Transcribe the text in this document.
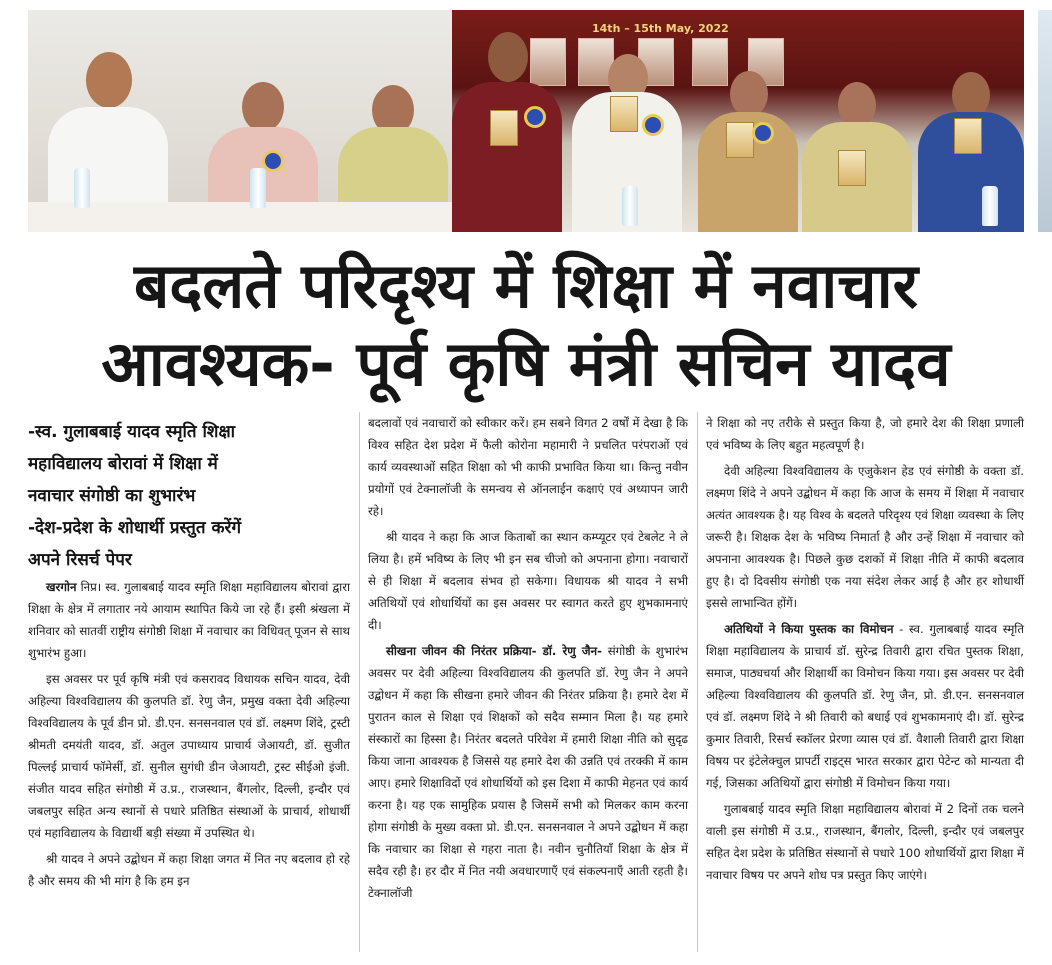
14th – 15th May, 2022
बदलते परिदृश्य में शिक्षा में नवाचार
आवश्यक- पूर्व कृषि मंत्री सचिन यादव
-स्व. गुलाबबाई यादव स्मृति शिक्षा
महाविद्यालय बोरावां में शिक्षा में
नवाचार संगोष्ठी का शुभारंभ
-देश-प्रदेश के शोधार्थी प्रस्तुत करेंगें
अपने रिसर्च पेपर

खरगोन निप्र। स्व. गुलाबबाई यादव स्मृति शिक्षा महाविद्यालय बोरावां द्वारा शिक्षा के क्षेत्र में लगातार नये आयाम स्थापित किये जा रहे हैं। इसी श्रंखला में शनिवार को सातवीं राष्ट्रीय संगोष्ठी शिक्षा में नवाचार का विधिवत् पूजन से साथ शुभारंभ हुआ।

इस अवसर पर पूर्व कृषि मंत्री एवं कसरावद विधायक सचिन यादव, देवी अहिल्या विश्वविद्यालय की कुलपति डॉ. रेणु जैन, प्रमुख वक्ता देवी अहिल्या विश्वविद्यालय के पूर्व डीन प्रो. डी.एन. सनसनवाल एवं डॉ. लक्ष्मण शिंदे, ट्रस्टी श्रीमती दमयंती यादव, डॉ. अतुल उपाध्याय प्राचार्य जेआयटी, डॉ. सुजीत पिल्लई प्राचार्य फॉमेर्सी, डॉ. सुनील सुगंधी डीन जेआयटी, ट्रस्ट सीईओ इंजी. संजीत यादव सहित संगोष्ठी में उ.प्र., राजस्थान, बैंगलोर, दिल्ली, इन्दौर एवं जबलपुर सहित अन्य स्थानों से पधारे प्रतिष्ठित संस्थाओं के प्राचार्य, शोधार्थी एवं महाविद्यालय के विद्यार्थी बड़ी संख्या में उपस्थित थे।

श्री यादव ने अपने उद्बोधन में कहा शिक्षा जगत में नित नए बदलाव हो रहे है और समय की भी मांग है कि हम इन

बदलावों एवं नवाचारों को स्वीकार करें। हम सबने विगत 2 वर्षों में देखा है कि विश्व सहित देश प्रदेश में फैली कोरोना महामारी ने प्रचलित परंपराओं एवं कार्य व्यवस्थाओं सहित शिक्षा को भी काफी प्रभावित किया था। किन्तु नवीन प्रयोगों एवं टेक्नालॉजी के समन्वय से ऑनलाईन कक्षाएं एवं अध्यापन जारी रहे।

श्री यादव ने कहा कि आज किताबों का स्थान कम्प्यूटर एवं टेबलेट ने ले लिया है। हमें भविष्य के लिए भी इन सब चीजो को अपनाना होगा। नवाचारों से ही शिक्षा में बदलाव संभव हो सकेगा। विधायक श्री यादव ने सभी अतिथियों एवं शोधार्थियों का इस अवसर पर स्वागत करते हुए शुभकामनाएं दी।

सीखना जीवन की निरंतर प्रक्रिया- डॉ. रेणु जैन- संगोष्ठी के शुभारंभ अवसर पर देवी अहिल्या विश्वविद्यालय की कुलपति डॉ. रेणु जैन ने अपने उद्बोधन में कहा कि सीखना हमारे जीवन की निरंतर प्रक्रिया है। हमारे देश में पुरातन काल से शिक्षा एवं शिक्षकों को सदैव सम्मान मिला है। यह हमारे संस्कारों का हिस्सा है। निरंतर बदलते परिवेश में हमारी शिक्षा नीति को सुदृढ किया जाना आवश्यक है जिससे यह हमारे देश की उन्नति एवं तरक्की में काम आए। हमारे शिक्षाविदों एवं शोधार्थियों को इस दिशा में काफी मेहनत एवं कार्य करना है। यह एक सामुहिक प्रयास है जिसमें सभी को मिलकर काम करना होगा संगोष्ठी के मुख्य वक्ता प्रो. डी.एन. सनसनवाल ने अपने उद्बोधन में कहा कि नवाचार का शिक्षा से गहरा नाता है। नवीन चुनौतियाँ शिक्षा के क्षेत्र में सदैव रही है। हर दौर में नित नयी अवधारणाएँ एवं संकल्पनाएँ आती रहती है। टेक्नालॉजी

ने शिक्षा को नए तरीके से प्रस्तुत किया है, जो हमारे देश की शिक्षा प्रणाली एवं भविष्य के लिए बहुत महत्वपूर्ण है।

देवी अहिल्या विश्वविद्यालय के एजुकेशन हेड एवं संगोष्ठी के वक्ता डॉ. लक्ष्मण शिंदे ने अपने उद्बोधन में कहा कि आज के समय में शिक्षा में नवाचार अत्यंत आवश्यक है। यह विश्व के बदलते परिदृश्य एवं शिक्षा व्यवस्था के लिए जरूरी है। शिक्षक देश के भविष्य निमार्ता है और उन्हें शिक्षा में नवाचार को अपनाना आवश्यक है। पिछले कुछ दशकों में शिक्षा नीति में काफी बदलाव हुए है। दो दिवसीय संगोष्ठी एक नया संदेश लेकर आई है और हर शोधार्थी इससे लाभान्वित होंगें।

अतिथियों ने किया पुस्तक का विमोचन - स्व. गुलाबबाई यादव स्मृति शिक्षा महाविद्यालय के प्राचार्य डॉ. सुरेन्द्र तिवारी द्वारा रचित पुस्तक शिक्षा, समाज, पाठ्यचर्या और शिक्षार्थी का विमोचन किया गया। इस अवसर पर देवी अहिल्या विश्वविद्यालय की कुलपति डॉ. रेणु जैन, प्रो. डी.एन. सनसनवाल एवं डॉ. लक्ष्मण शिंदे ने श्री तिवारी को बधाई एवं शुभकामनाएं दी। डॉ. सुरेन्द्र कुमार तिवारी, रिसर्च स्कॉलर प्रेरणा व्यास एवं डॉ. वैशाली तिवारी द्वारा शिक्षा विषय पर इंटेलेक्चुल प्रापर्टी राइट्स भारत सरकार द्वारा पेटेन्ट को मान्यता दी गई, जिसका अतिथियों द्वारा संगोष्ठी में विमोचन किया गया।

गुलाबबाई यादव स्मृति शिक्षा महाविद्यालय बोरावां में 2 दिनों तक चलने वाली इस संगोष्ठी में उ.प्र., राजस्थान, बैंगलोर, दिल्ली, इन्दौर एवं जबलपुर सहित देश प्रदेश के प्रतिष्ठित संस्थानों से पधारे 100 शोधार्थियों द्वारा शिक्षा में नवाचार विषय पर अपने शोध पत्र प्रस्तुत किए जाएंगे।
